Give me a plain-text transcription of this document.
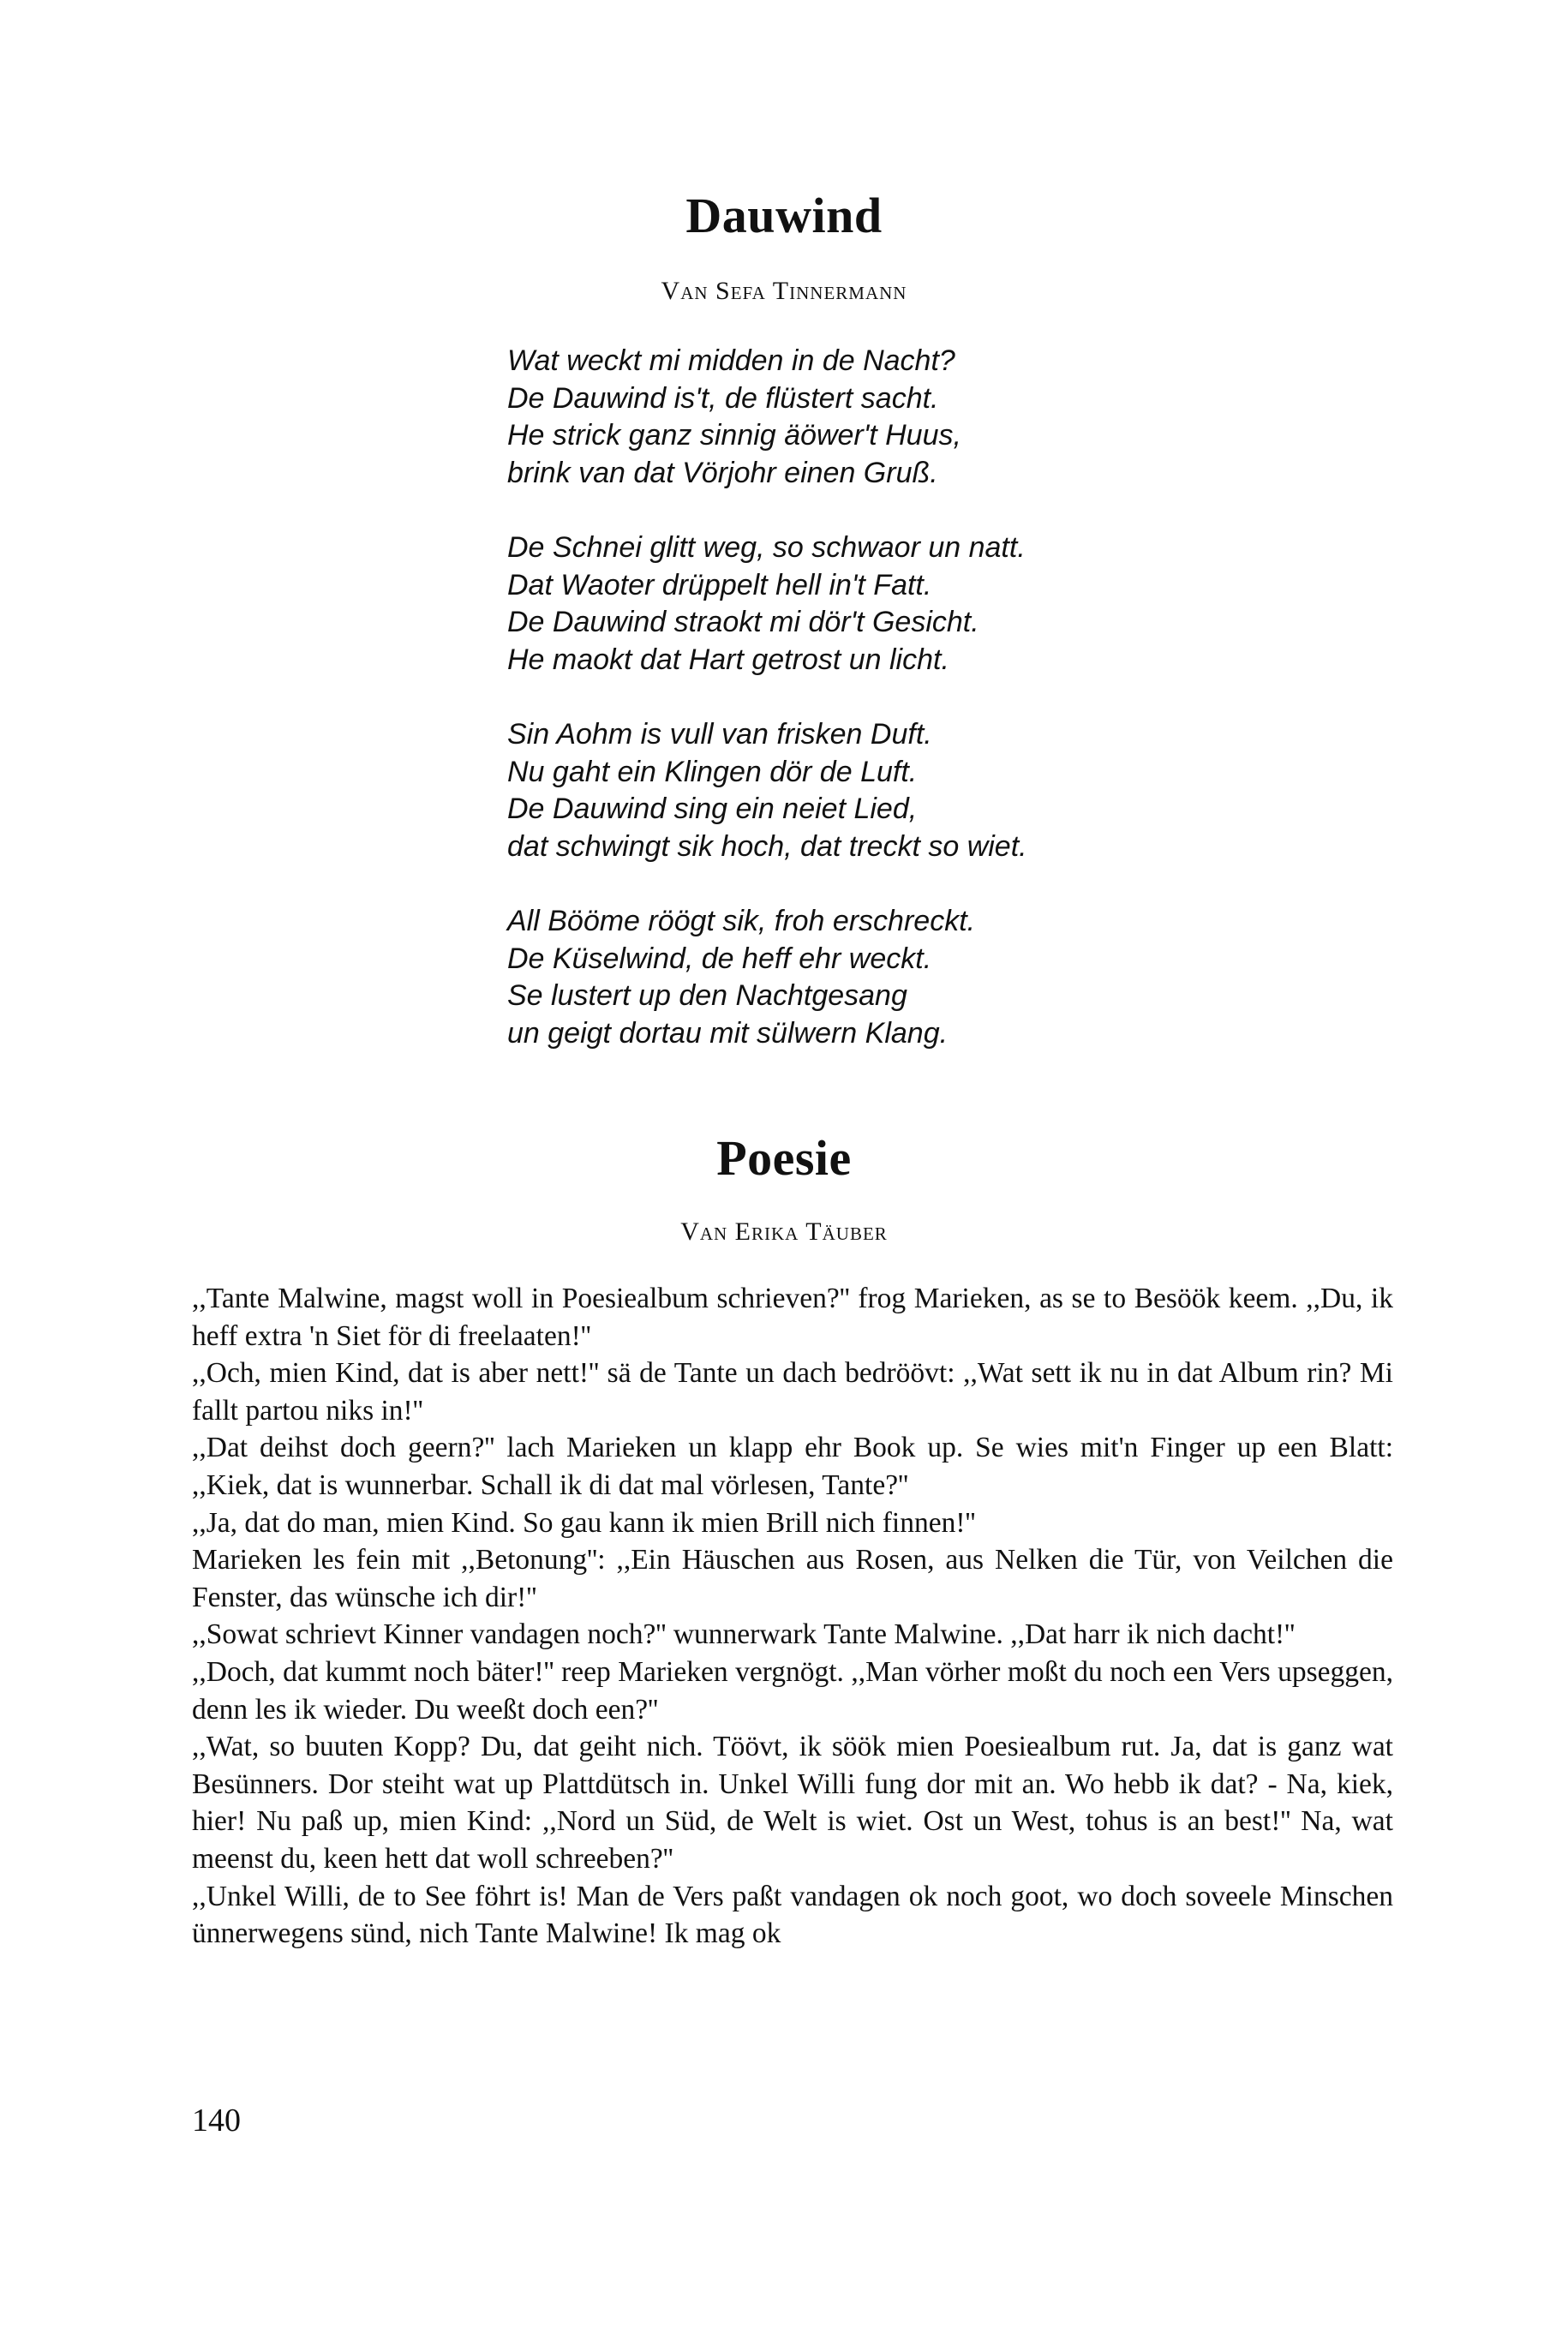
Dauwind

Van Sefa Tinnermann

Wat weckt mi midden in de Nacht?
De Dauwind is't, de flüstert sacht.
He strick ganz sinnig äöwer't Huus,
brink van dat Vörjohr einen Gruß.
De Schnei glitt weg, so schwaor un natt.
Dat Waoter drüppelt hell in't Fatt.
De Dauwind straokt mi dör't Gesicht.
He maokt dat Hart getrost un licht.
Sin Aohm is vull van frisken Duft.
Nu gaht ein Klingen dör de Luft.
De Dauwind sing ein neiet Lied,
dat schwingt sik hoch, dat treckt so wiet.
All Bööme röögt sik, froh erschreckt.
De Küselwind, de heff ehr weckt.
Se lustert up den Nachtgesang
un geigt dortau mit sülwern Klang.
Poesie

Van Erika Täuber

,,Tante Malwine, magst woll in Poesiealbum schrieven?'' frog Marieken, as se to Besöök keem. ,,Du, ik heff extra 'n Siet för di freelaaten!''

,,Och, mien Kind, dat is aber nett!'' sä de Tante un dach bedröövt: ,,Wat sett ik nu in dat Album rin? Mi fallt partou niks in!''

,,Dat deihst doch geern?'' lach Marieken un klapp ehr Book up. Se wies mit'n Finger up een Blatt: ,,Kiek, dat is wunnerbar. Schall ik di dat mal vörlesen, Tante?''

,,Ja, dat do man, mien Kind. So gau kann ik mien Brill nich finnen!''

Marieken les fein mit ,,Betonung'': ,,Ein Häuschen aus Rosen, aus Nelken die Tür, von Veilchen die Fenster, das wünsche ich dir!''

,,Sowat schrievt Kinner vandagen noch?'' wunnerwark Tante Malwine. ,,Dat harr ik nich dacht!''

,,Doch, dat kummt noch bäter!'' reep Marieken vergnögt. ,,Man vörher moßt du noch een Vers upseggen, denn les ik wieder. Du weeßt doch een?''

,,Wat, so buuten Kopp? Du, dat geiht nich. Töövt, ik söök mien Poesiealbum rut. Ja, dat is ganz wat Besünners. Dor steiht wat up Plattdütsch in. Unkel Willi fung dor mit an. Wo hebb ik dat? - Na, kiek, hier! Nu paß up, mien Kind: ,,Nord un Süd, de Welt is wiet. Ost un West, tohus is an best!'' Na, wat meenst du, keen hett dat woll schreeben?''

,,Unkel Willi, de to See föhrt is! Man de Vers paßt vandagen ok noch goot, wo doch soveele Minschen ünnerwegens sünd, nich Tante Malwine! Ik mag ok

140
